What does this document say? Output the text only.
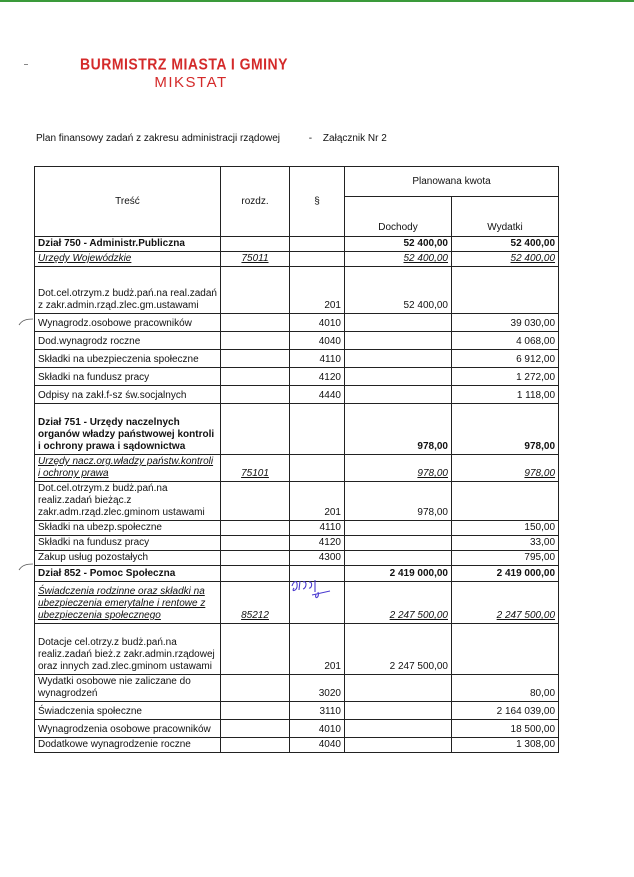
BURMISTRZ MIASTA I GMINY
MIKSTAT
Plan finansowy zadań z zakresu administracji rządowej	- Załącznik Nr 2
Treść	rozdz.	§	Planowana kwota	
			Dochody	Wydatki
Dział 750 - Administr.Publiczna			52 400,00	52 400,00
Urzędy Wojewódzkie	75011		52 400,00	52 400,00
Dot.cel.otrzym.z budż.pań.na real.zadań z zakr.admin.rząd.zlec.gm.ustawami		201	52 400,00	
Wynagrodz.osobowe pracowników		4010		39 030,00
Dod.wynagrodz roczne		4040		4 068,00
Składki na ubezpieczenia społeczne		4110		6 912,00
Składki na fundusz pracy		4120		1 272,00
Odpisy na zakł.f-sz św.socjalnych		4440		1 118,00
Dział 751 - Urzędy naczelnych organów władzy państwowej kontroli i ochrony prawa i sądownictwa			978,00	978,00
Urzędy nacz.org.władzy państw.kontroli i ochrony prawa	75101		978,00	978,00
Dot.cel.otrzym.z budż.pań.na realiz.zadań bieżąc.z zakr.adm.rząd.zlec.gminom ustawami		201	978,00	
Składki na ubezp.społeczne		4110		150,00
Składki na fundusz pracy		4120		33,00
Zakup usług pozostałych		4300		795,00
Dział 852 - Pomoc Społeczna			2 419 000,00	2 419 000,00
Świadczenia rodzinne oraz składki na ubezpieczenia emerytalne i rentowe z ubezpieczenia społecznego	85212		2 247 500,00	2 247 500,00
Dotacje cel.otrzy.z budż.pań.na realiz.zadań bież.z zakr.admin.rządowej oraz innych zad.zlec.gminom ustawami		201	2 247 500,00	
Wydatki osobowe nie zaliczane do wynagrodzeń		3020		80,00
Świadczenia społeczne		3110		2 164 039,00
Wynagrodzenia osobowe pracowników		4010		18 500,00
Dodatkowe wynagrodzenie roczne		4040		1 308,00
